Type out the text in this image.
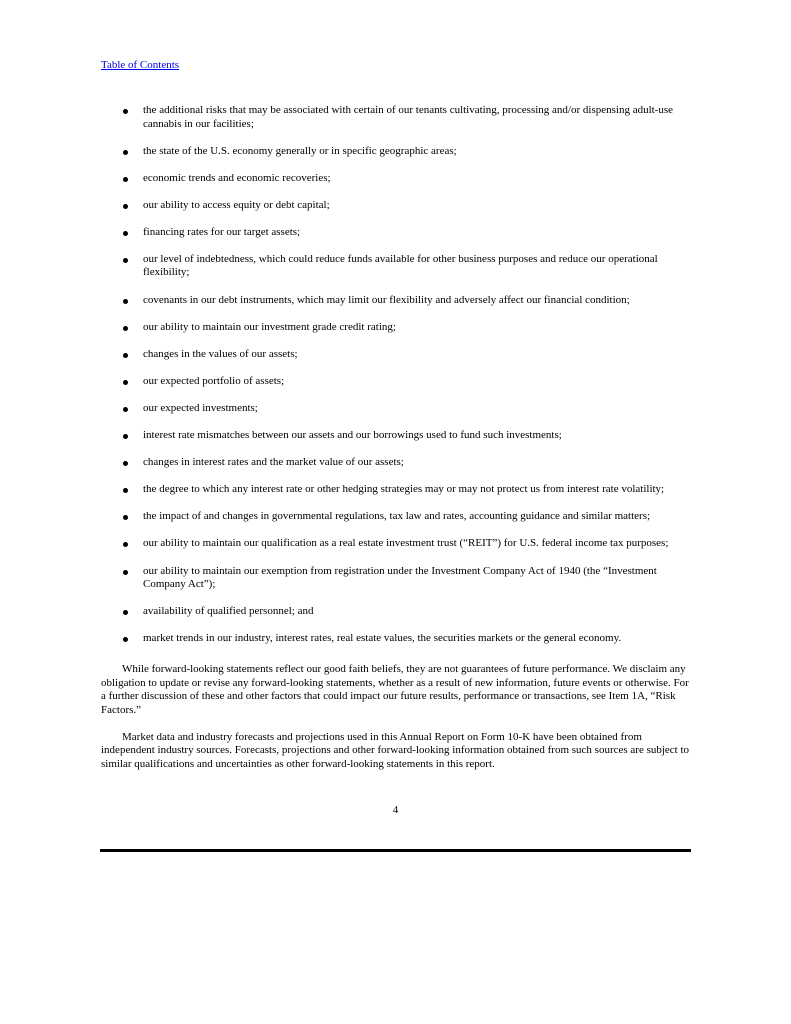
Table of Contents
the additional risks that may be associated with certain of our tenants cultivating, processing and/or dispensing adult-use cannabis in our facilities;
the state of the U.S. economy generally or in specific geographic areas;
economic trends and economic recoveries;
our ability to access equity or debt capital;
financing rates for our target assets;
our level of indebtedness, which could reduce funds available for other business purposes and reduce our operational flexibility;
covenants in our debt instruments, which may limit our flexibility and adversely affect our financial condition;
our ability to maintain our investment grade credit rating;
changes in the values of our assets;
our expected portfolio of assets;
our expected investments;
interest rate mismatches between our assets and our borrowings used to fund such investments;
changes in interest rates and the market value of our assets;
the degree to which any interest rate or other hedging strategies may or may not protect us from interest rate volatility;
the impact of and changes in governmental regulations, tax law and rates, accounting guidance and similar matters;
our ability to maintain our qualification as a real estate investment trust (“REIT”) for U.S. federal income tax purposes;
our ability to maintain our exemption from registration under the Investment Company Act of 1940 (the “Investment Company Act”);
availability of qualified personnel; and
market trends in our industry, interest rates, real estate values, the securities markets or the general economy.

While forward-looking statements reflect our good faith beliefs, they are not guarantees of future performance. We disclaim any obligation to update or revise any forward-looking statements, whether as a result of new information, future events or otherwise. For a further discussion of these and other factors that could impact our future results, performance or transactions, see Item 1A, “Risk Factors.”

Market data and industry forecasts and projections used in this Annual Report on Form 10-K have been obtained from independent industry sources. Forecasts, projections and other forward-looking information obtained from such sources are subject to similar qualifications and uncertainties as other forward-looking statements in this report.

4
